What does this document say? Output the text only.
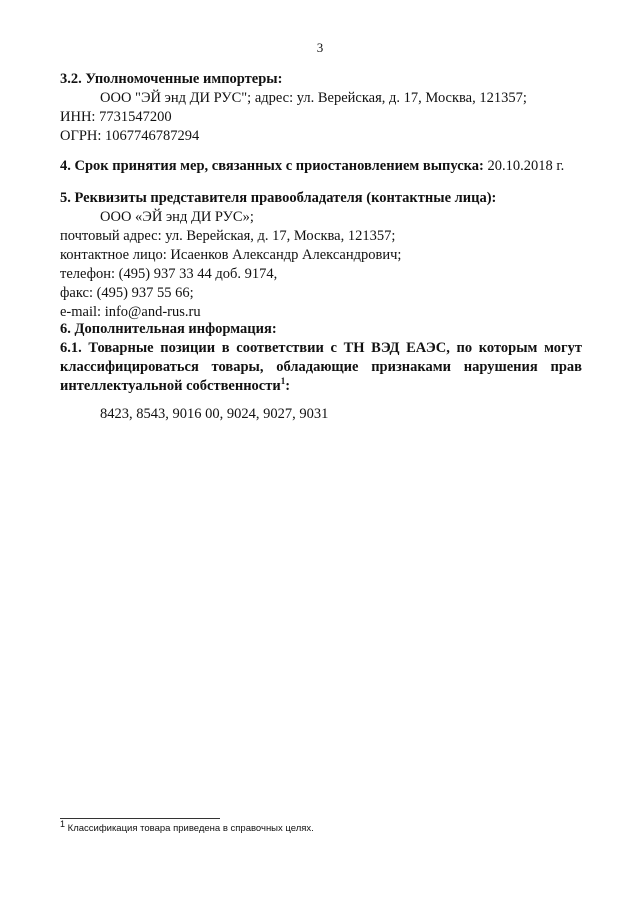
3
3.2. Уполномоченные импортеры:
ООО "ЭЙ энд ДИ РУС"; адрес: ул. Верейская, д. 17, Москва, 121357;
ИНН: 7731547200
ОГРН: 1067746787294
4. Срок принятия мер, связанных с приостановлением выпуска: 20.10.2018 г.
5. Реквизиты представителя правообладателя (контактные лица):
ООО «ЭЙ энд ДИ РУС»;
почтовый адрес: ул. Верейская, д. 17, Москва, 121357;
контактное лицо: Исаенков Александр Александрович;
телефон: (495) 937 33 44 доб. 9174,
факс: (495) 937 55 66;
e-mail: info@and-rus.ru
6. Дополнительная информация:
6.1. Товарные позиции в соответствии с ТН ВЭД ЕАЭС, по которым могут
классифицироваться товары, обладающие признаками нарушения прав
интеллектуальной собственности$^1$:
8423, 8543, 9016 00, 9024, 9027, 9031
$^1$ Классификация товара приведена в справочных целях.
